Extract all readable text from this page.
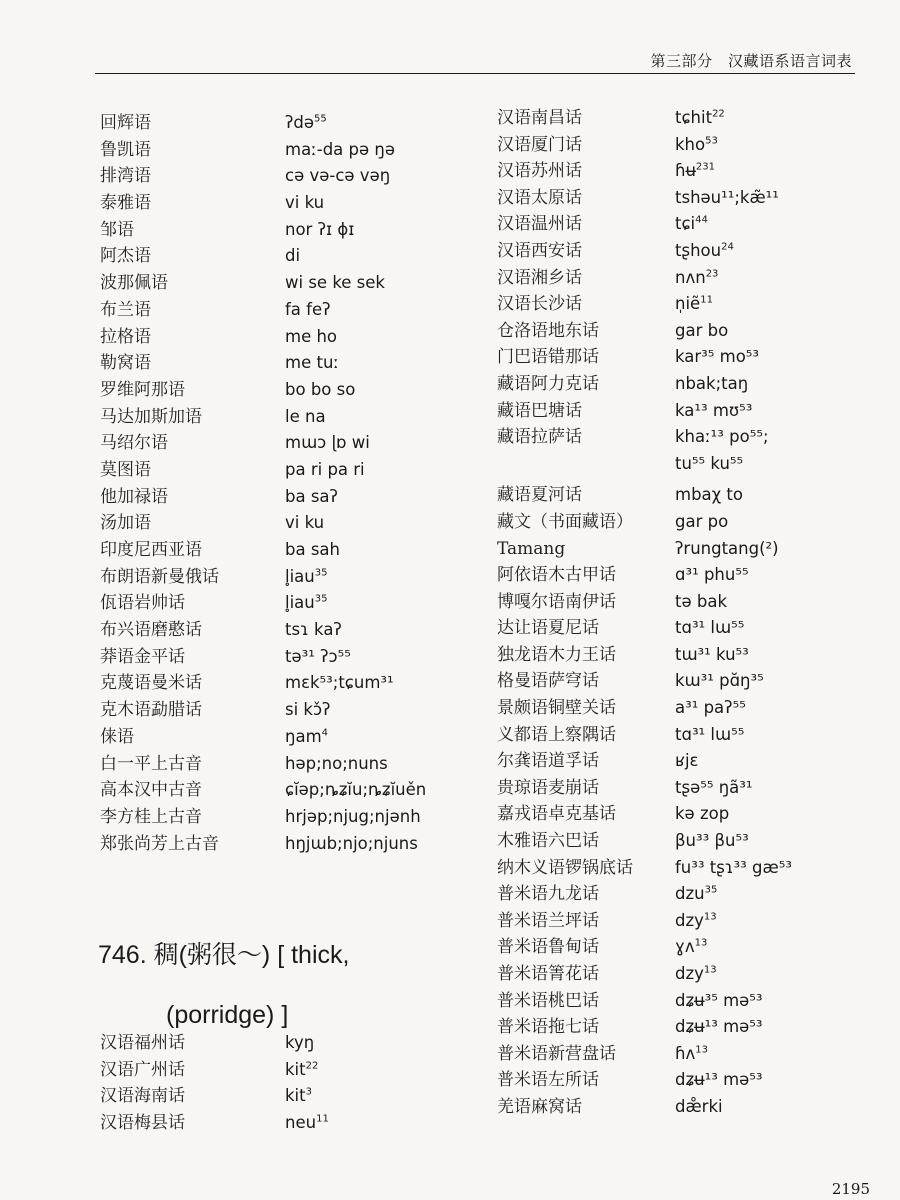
第三部分　汉藏语系语言词表
回辉语	ʔdə$^{55}$
鲁凯语	maː-da pə ŋə
排湾语	cə və-cə vəŋ
泰雅语	vi ku
邹语	nor ʔɪ ɸɪ
阿杰语	di
波那佩语	wi se ke sek
布兰语	fa feʔ
拉格语	me ho
勒窝语	me tuː
罗维阿那语	bo bo so
马达加斯加语	le na
马绍尔语	mɯɔ ɭɒ wi
莫图语	pa ri pa ri
他加禄语	ba saʔ
汤加语	vi ku
印度尼西亚语	ba sah
布朗语新曼俄话	l̥iau$^{35}$
佤语岩帅话	l̥iau$^{35}$
布兴语磨憨话	tsɿ kaʔ
莽语金平话	tə³¹ ʔɔ⁵⁵
克蔑语曼米话	mɛk⁵³;tɕum³¹
克木语勐腊话	si kɔ̌ʔ
俫语	ŋam$^4$
白一平上古音	həp;no;nuns
高本汉中古音	ɕĭəp;ȵʑĭu;ȵʑĭuěn
李方桂上古音	hrjəp;njug;njənh
郑张尚芳上古音	hŋjɯb;njo;njuns
746. 稠(粥很～) [ thick,
(porridge) ]
汉语福州话	kyŋ
汉语广州话	kit$^{22}$
汉语海南话	kit$^3$
汉语梅县话	neu$^{11}$
汉语南昌话	tɕhit$^{22}$
汉语厦门话	kho$^{53}$
汉语苏州话	ɦʉ$^{231}$
汉语太原话	tshəu¹¹;kæ̃¹¹
汉语温州话	tɕi$^{44}$
汉语西安话	tʂhou$^{24}$
汉语湘乡话	nʌn$^{23}$
汉语长沙话	n̩iẽ$^{11}$
仓洛语地东话	gar bo
门巴语错那话	kar³⁵ mo⁵³
藏语阿力克话	nbak;taŋ
藏语巴塘话	ka¹³ mʊ⁵³
藏语拉萨话	khaː¹³ po⁵⁵;
tu⁵⁵ ku⁵⁵
藏语夏河话	mbaχ to
藏文（书面藏语）	gar po
Tamang	ʔrungtang(²)
阿依语木古甲话	ɑ³¹ phu⁵⁵
博嘎尔语南伊话	tə bak
达让语夏尼话	tɑ³¹ lɯ⁵⁵
独龙语木力王话	tɯ³¹ ku⁵³
格曼语萨穹话	kɯ³¹ pɑ̆ŋ³⁵
景颇语铜壁关话	a³¹ paʔ⁵⁵
义都语上察隅话	tɑ³¹ lɯ⁵⁵
尔龚语道孚话	ʁjɛ
贵琼语麦崩话	tʂə⁵⁵ ŋã³¹
嘉戎语卓克基话	kə zop
木雅语六巴话	βu³³ βu⁵³
纳木义语锣锅底话	fu³³ tʂɿ³³ gæ⁵³
普米语九龙话	dzu$^{35}$
普米语兰坪话	dzy$^{13}$
普米语鲁甸话	ɣʌ$^{13}$
普米语箐花话	dzy$^{13}$
普米语桃巴话	dʑʉ³⁵ mə⁵³
普米语拖七话	dʑʉ¹³ mə⁵³
普米语新营盘话	ɦʌ$^{13}$
普米语左所话	dʑʉ¹³ mə⁵³
羌语麻窝话	dæ̊rki
2195
